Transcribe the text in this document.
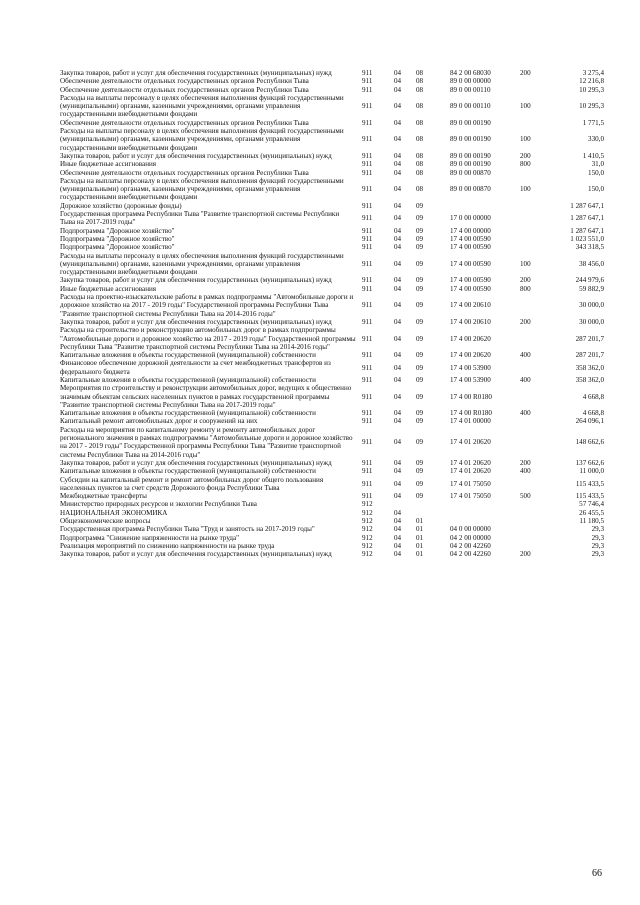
Закупка товаров, работ и услуг для обеспечения государственных (муниципальных) нужд	911	04	08	84 2 00 68030	200	3 275,4
Обеспечение деятельности отдельных государственных органов Республики Тыва	911	04	08	89 0 00 00000		12 216,8
Обеспечение деятельности отдельных государственных органов Республики Тыва	911	04	08	89 0 00 00110		10 295,3
Расходы на выплаты персоналу в целях обеспечения выполнения функций государственными (муниципальными) органами, казенными учреждениями, органами управления государственными внебюджетными фондами	911	04	08	89 0 00 00110	100	10 295,3
Обеспечение деятельности отдельных государственных органов Республики Тыва	911	04	08	89 0 00 00190		1 771,5
Расходы на выплаты персоналу в целях обеспечения выполнения функций государственными (муниципальными) органами, казенными учреждениями, органами управления государственными внебюджетными фондами	911	04	08	89 0 00 00190	100	330,0
Закупка товаров, работ и услуг для обеспечения государственных (муниципальных) нужд	911	04	08	89 0 00 00190	200	1 410,5
Иные бюджетные ассигнования	911	04	08	89 0 00 00190	800	31,0
Обеспечение деятельности отдельных государственных органов Республики Тыва	911	04	08	89 0 00 00870		150,0
Расходы на выплаты персоналу в целях обеспечения выполнения функций государственными (муниципальными) органами, казенными учреждениями, органами управления государственными внебюджетными фондами	911	04	08	89 0 00 00870	100	150,0
Дорожное хозяйство (дорожные фонды)	911	04	09			1 287 647,1
Государственная программа Республики Тыва "Развитие транспортной системы Республики Тыва на 2017-2019 годы"	911	04	09	17 0 00 00000		1 287 647,1
Подпрограмма "Дорожное хозяйство"	911	04	09	17 4 00 00000		1 287 647,1
Подпрограмма "Дорожное хозяйство"	911	04	09	17 4 00 00590		1 023 551,0
Подпрограмма "Дорожное хозяйство"	911	04	09	17 4 00 00590		343 318,5
Расходы на выплаты персоналу в целях обеспечения выполнения функций государственными (муниципальными) органами, казенными учреждениями, органами управления государственными внебюджетными фондами	911	04	09	17 4 00 00590	100	38 456,0
Закупка товаров, работ и услуг для обеспечения государственных (муниципальных) нужд	911	04	09	17 4 00 00590	200	244 979,6
Иные бюджетные ассигнования	911	04	09	17 4 00 00590	800	59 882,9
Расходы на проектно-изыскательские работы в рамках подпрограммы "Автомобильные дороги и дорожное хозяйство на 2017 - 2019 годы" Государственной программы Республики Тыва "Развитие транспортной системы Республики Тыва на 2014-2016 годы"	911	04	09	17 4 00 20610		30 000,0
Закупка товаров, работ и услуг для обеспечения государственных (муниципальных) нужд	911	04	09	17 4 00 20610	200	30 000,0
Расходы на строительство и реконструкцию автомобильных дорог в рамках подпрограммы "Автомобильные дороги и дорожное хозяйство на 2017 - 2019 годы" Государственной программы Республики Тыва "Развитие транспортной системы Республики Тыва на 2014-2016 годы"	911	04	09	17 4 00 20620		287 201,7
Капитальные вложения в объекты государственной (муниципальной) собственности	911	04	09	17 4 00 20620	400	287 201,7
Финансовое обеспечение дорожной деятельности за счет межбюджетных трансфертов из федерального бюджета	911	04	09	17 4 00 53900		358 362,0
Капитальные вложения в объекты государственной (муниципальной) собственности	911	04	09	17 4 00 53900	400	358 362,0
Мероприятия по строительству и реконструкции автомобильных дорог, ведущих к общественно значимым объектам сельских населенных пунктов в рамках государственной программы "Развитие транспортной системы Республики Тыва на 2017-2019 годы"	911	04	09	17 4 00 R0180		4 668,8
Капитальные вложения в объекты государственной (муниципальной) собственности	911	04	09	17 4 00 R0180	400	4 668,8
Капитальный ремонт автомобильных дорог и сооружений на них	911	04	09	17 4 01 00000		264 096,1
Расходы на мероприятия по капитальному ремонту и ремонту автомобильных дорог регионального значения в рамках подпрограммы "Автомобильные дороги и дорожное хозяйство на 2017 - 2019 годы" Государственной программы Республики Тыва "Развитие транспортной системы Республики Тыва на 2014-2016 годы"	911	04	09	17 4 01 20620		148 662,6
Закупка товаров, работ и услуг для обеспечения государственных (муниципальных) нужд	911	04	09	17 4 01 20620	200	137 662,6
Капитальные вложения в объекты государственной (муниципальной) собственности	911	04	09	17 4 01 20620	400	11 000,0
Субсидии на капитальный ремонт и ремонт автомобильных дорог общего пользования населенных пунктов за счет средств Дорожного фонда Республики Тыва	911	04	09	17 4 01 75050		115 433,5
Межбюджетные трансферты	911	04	09	17 4 01 75050	500	115 433,5
Министерство природных ресурсов и экологии Республики Тыва	912					57 746,4
НАЦИОНАЛЬНАЯ ЭКОНОМИКА	912	04				26 455,5
Общеэкономические вопросы	912	04	01			11 180,5
Государственная программа Республики Тыва "Труд и занятость на 2017-2019 годы"	912	04	01	04 0 00 00000		29,3
Подпрограмма "Снижение напряженности на рынке труда"	912	04	01	04 2 00 00000		29,3
Реализация мероприятий по снижению напряженности на рынке труда	912	04	01	04 2 00 42260		29,3
Закупка товаров, работ и услуг для обеспечения государственных (муниципальных) нужд	912	04	01	04 2 00 42260	200	29,3
66
